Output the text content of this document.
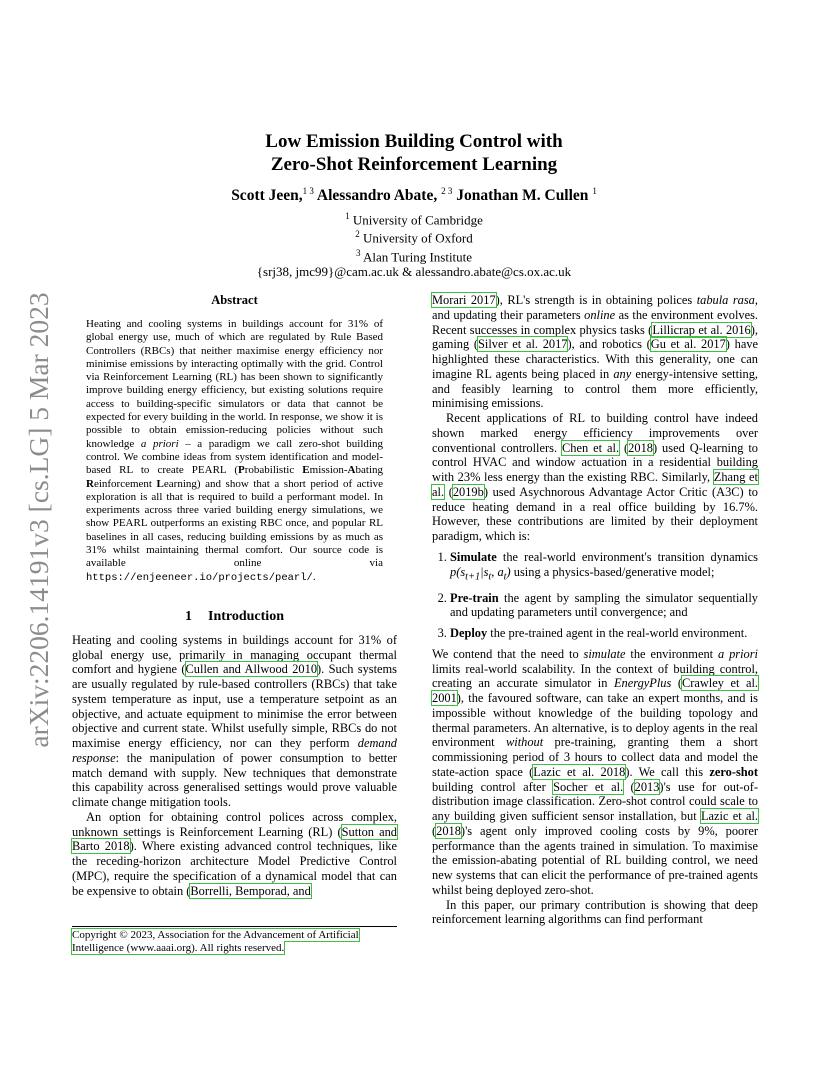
arXiv:2206.14191v3 [cs.LG] 5 Mar 2023
Low Emission Building Control with
Zero-Shot Reinforcement Learning
Scott Jeen,$^{1 3}$ Alessandro Abate, $^{2 3}$ Jonathan M. Cullen $^1$
$^1$ University of Cambridge
$^2$ University of Oxford
$^3$ Alan Turing Institute
{srj38, jmc99}@cam.ac.uk & alessandro.abate@cs.ox.ac.uk
Abstract

Heating and cooling systems in buildings account for 31% of global energy use, much of which are regulated by Rule Based Controllers (RBCs) that neither maximise energy efficiency nor minimise emissions by interacting optimally with the grid. Control via Reinforcement Learning (RL) has been shown to significantly improve building energy efficiency, but existing solutions require access to building-specific simulators or data that cannot be expected for every building in the world. In response, we show it is possible to obtain emission-reducing policies without such knowledge a priori – a paradigm we call zero-shot building control. We combine ideas from system identification and model-based RL to create PEARL (Probabilistic Emission-Abating Reinforcement Learning) and show that a short period of active exploration is all that is required to build a performant model. In experiments across three varied building energy simulations, we show PEARL outperforms an existing RBC once, and popular RL baselines in all cases, reducing building emissions by as much as 31% whilst maintaining thermal comfort. Our source code is available online via https://enjeeneer.io/projects/pearl/.

1 Introduction

Heating and cooling systems in buildings account for 31% of global energy use, primarily in managing occupant thermal comfort and hygiene (Cullen and Allwood 2010). Such systems are usually regulated by rule-based controllers (RBCs) that take system temperature as input, use a temperature setpoint as an objective, and actuate equipment to minimise the error between objective and current state. Whilst usefully simple, RBCs do not maximise energy efficiency, nor can they perform demand response: the manipulation of power consumption to better match demand with supply. New techniques that demonstrate this capability across generalised settings would prove valuable climate change mitigation tools.

An option for obtaining control polices across complex, unknown settings is Reinforcement Learning (RL) (Sutton and Barto 2018). Where existing advanced control techniques, like the receding-horizon architecture Model Predictive Control (MPC), require the specification of a dynamical model that can be expensive to obtain (Borrelli, Bemporad, and

Copyright © 2023, Association for the Advancement of Artificial Intelligence (www.aaai.org). All rights reserved.

Morari 2017), RL's strength is in obtaining polices tabula rasa, and updating their parameters online as the environment evolves. Recent successes in complex physics tasks (Lillicrap et al. 2016), gaming (Silver et al. 2017), and robotics (Gu et al. 2017) have highlighted these characteristics. With this generality, one can imagine RL agents being placed in any energy-intensive setting, and feasibly learning to control them more efficiently, minimising emissions.

Recent applications of RL to building control have indeed shown marked energy efficiency improvements over conventional controllers. Chen et al. (2018) used Q-learning to control HVAC and window actuation in a residential building with 23% less energy than the existing RBC. Similarly, Zhang et al. (2019b) used Asychnorous Advantage Actor Critic (A3C) to reduce heating demand in a real office building by 16.7%. However, these contributions are limited by their deployment paradigm, which is:

1. Simulate the real-world environment's transition dynamics $p(s_{t+1}|s_t$, $a_t$) using a physics-based/generative model;
2. Pre-train the agent by sampling the simulator sequentially and updating parameters until convergence; and
3. Deploy the pre-trained agent in the real-world environment.

We contend that the need to simulate the environment a priori limits real-world scalability. In the context of building control, creating an accurate simulator in EnergyPlus (Crawley et al. 2001), the favoured software, can take an expert months, and is impossible without knowledge of the building topology and thermal parameters. An alternative, is to deploy agents in the real environment without pre-training, granting them a short commissioning period of 3 hours to collect data and model the state-action space (Lazic et al. 2018). We call this zero-shot building control after Socher et al. (2013)'s use for out-of-distribution image classification. Zero-shot control could scale to any building given sufficient sensor installation, but Lazic et al. (2018)'s agent only improved cooling costs by 9%, poorer performance than the agents trained in simulation. To maximise the emission-abating potential of RL building control, we need new systems that can elicit the performance of pre-trained agents whilst being deployed zero-shot.

In this paper, our primary contribution is showing that deep reinforcement learning algorithms can find performant
